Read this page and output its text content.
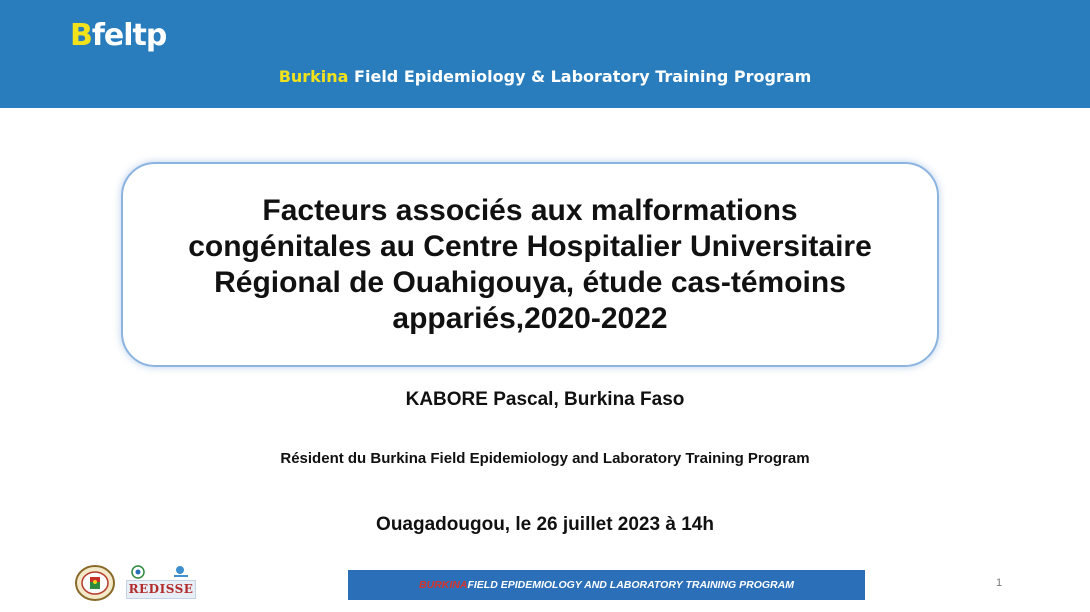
Bfeltp
Burkina Field Epidemiology & Laboratory Training Program
Facteurs associés aux malformations
congénitales au Centre Hospitalier Universitaire
Régional de Ouahigouya, étude cas-témoins
appariés,2020-2022
KABORE Pascal, Burkina Faso
Résident du Burkina Field Epidemiology and Laboratory Training Program
Ouagadougou, le 26 juillet 2023 à 14h
REDISSE	BURKINA FIELD EPIDEMIOLOGY AND LABORATORY TRAINING PROGRAM	1
